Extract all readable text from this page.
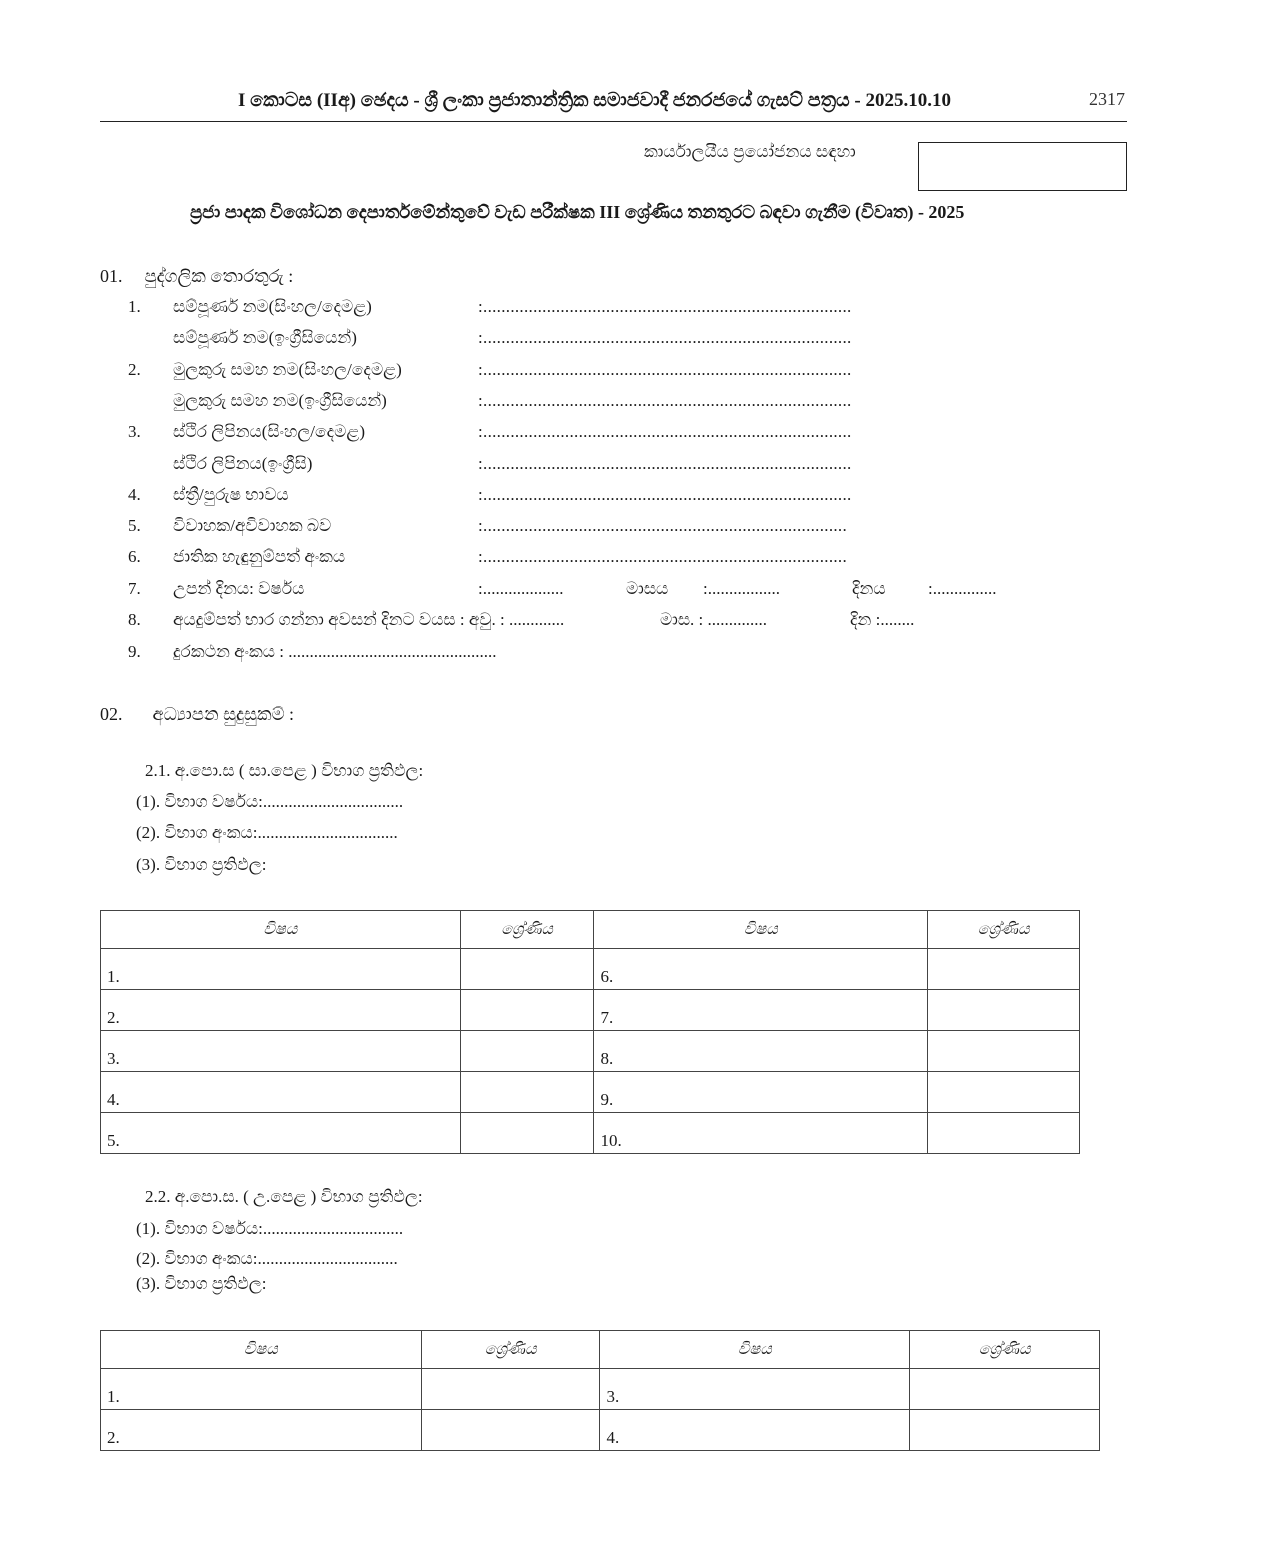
I කොටස (IIඅ) ඡෙදය - ශ්‍රී ලංකා ප්‍රජාතාන්ත්‍රික සමාජවාදී ජනරජයේ ගැසට් පත්‍රය - 2025.10.10	2317
කාර්යාලයීය ප්‍රයෝජනය සඳහා
ප්‍රජා පාදක විශෝධන දෙපාර්තමේන්තුවේ වැඩ පරීක්ෂක III ශ්‍රේණිය තනතුරට බඳවා ගැනීම (විවෘත) - 2025
01. පුද්ගලික තොරතුරු :
1. සම්පූර්ණ නම(සිංහල/දෙමළ)	:.................................................................................
සම්පූර්ණ නම(ඉංග්‍රීසියෙන්)	:.................................................................................
2. මුලකුරු සමහ නම(සිංහල/දෙමළ)	:.................................................................................
මුලකුරු සමහ නම(ඉංග්‍රීසියෙන්)	:.................................................................................
3. ස්ථිර ලිපිනය(සිංහල/දෙමළ)	:.................................................................................
ස්ථිර ලිපිනය(ඉංග්‍රීසි)	:.................................................................................
4. ස්ත්‍රී/පුරුෂ භාවය	:.................................................................................
5. විවාහක/අවිවාහක බව	:................................................................................
6. ජාතික හැඳුනුම්පත් අංකය	:................................................................................
7. උපන් දිනය: වර්ෂය	:...................	මාසය :.................	දිනය :...............
8. අයදුම්පත් භාර ගන්නා අවසන් දිනට වයස : අවු. : .............	මාස. : ..............	දින :........
9. දුරකථන අංකය : .................................................
02. අධ්‍යාපන සුදුසුකම් :
2.1. අ.පො.ස ( සා.පෙළ ) විභාග ප්‍රතිඵල:
(1). විභාග වර්ෂය:.................................
(2). විභාග අංකය:.................................
(3). විභාග ප්‍රතිඵල:
විෂය	ශ්‍රේණිය	විෂය	ශ්‍රේණිය
1.		6.	
2.		7.	
3.		8.	
4.		9.	
5.		10.	
2.2. අ.පො.ස. ( උ.පෙළ ) විභාග ප්‍රතිඵල:
(1). විභාග වර්ෂය:.................................
(2). විභාග අංකය:.................................
(3). විභාග ප්‍රතිඵල:
විෂය	ශ්‍රේණිය	විෂය	ශ්‍රේණිය
1.		3.	
2.		4.	
